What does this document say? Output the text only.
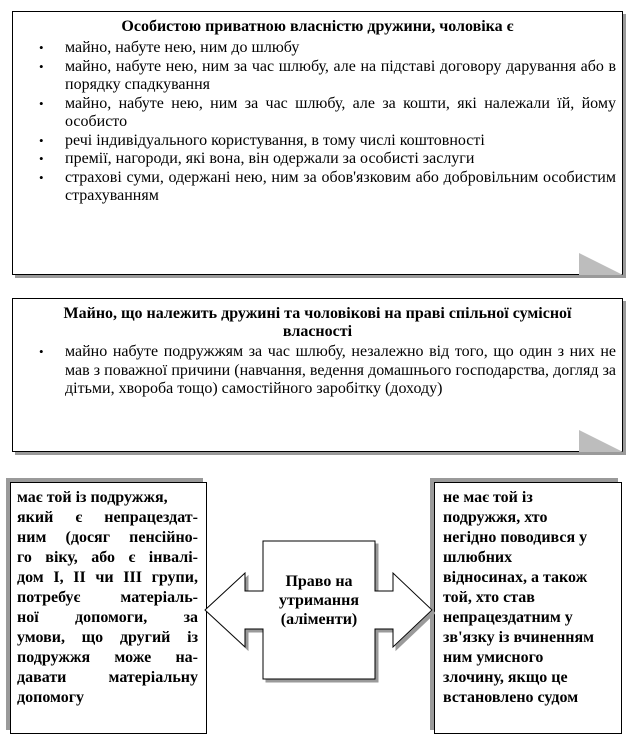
Особистою приватною власністю дружини, чоловіка є
• майно, набуте нею, ним до шлюбу
• майно, набуте нею, ним за час шлюбу, але на підставі договору дарування або в порядку спадкування
• майно, набуте нею, ним за час шлюбу, але за кошти, які належали їй, йому особисто
• речі індивідуального користування, в тому числі коштовності
• премії, нагороди, які вона, він одержали за особисті заслуги
• страхові суми, одержані нею, ним за обов'язковим або добровільним особистим страхуванням
Майно, що належить дружині та чоловікові на праві спільної сумісної власності
• майно набуте подружжям за час шлюбу, незалежно від того, що один з них не мав з поважної причини (навчання, ведення домашнього господарства, догляд за дітьми, хвороба тощо) самостійного заробітку (доходу)
має той із подружжя,
який є непрацездат-
ним (досяг пенсійно-
го віку, або є інвалі-
дом І, ІІ чи ІІІ групи,
потребує матеріаль-
ної допомоги, за
умови, що другий із
подружжя може на-
давати матеріальну
допомогу
не має той із
подружжя, хто
негідно поводився у
шлюбних
відносинах, а також
той, хто став
непрацездатним у
зв'язку із вчиненням
ним умисного
злочину, якщо це
встановлено судом
Право на
утримання
(аліменти)
